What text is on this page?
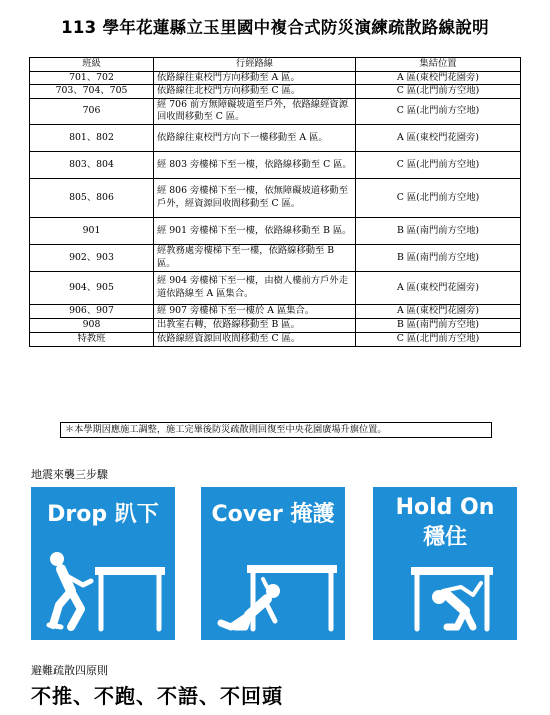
113 學年花蓮縣立玉里國中複合式防災演練疏散路線說明
班級	行經路線	集結位置
701、702	依路線往東校門方向移動至 A 區。	A 區(東校門花園旁)
703、704、705	依路線往北校門方向移動至 C 區。	C 區(北門前方空地)
706	經 706 前方無障礙坡道至戶外，依路線經資源回收間移動至 C 區。	C 區(北門前方空地)
801、802	依路線往東校門方向下一樓移動至 A 區。	A 區(東校門花園旁)
803、804	經 803 旁樓梯下至一樓，依路線移動至 C 區。	C 區(北門前方空地)
805、806	經 806 旁樓梯下至一樓，依無障礙坡道移動至戶外，經資源回收間移動至 C 區。	C 區(北門前方空地)
901	經 901 旁樓梯下至一樓，依路線移動至 B 區。	B 區(南門前方空地)
902、903	經教務處旁樓梯下至一樓，依路線移動至 B 區。	B 區(南門前方空地)
904、905	經 904 旁樓梯下至一樓，由樹人樓前方戶外走道依路線至 A 區集合。	A 區(東校門花園旁)
906、907	經 907 旁樓梯下至一樓於 A 區集合。	A 區(東校門花園旁)
908	出教室右轉，依路線移動至 B 區。	B 區(南門前方空地)
特教班	依路線經資源回收間移動至 C 區。	C 區(北門前方空地)
＊本學期因應施工調整，施工完畢後防災疏散則回復至中央花園廣場升旗位置。
地震來襲三步驟
Drop 趴下	Cover 掩護	Hold On
穩住
避難疏散四原則
不推、不跑、不語、不回頭
